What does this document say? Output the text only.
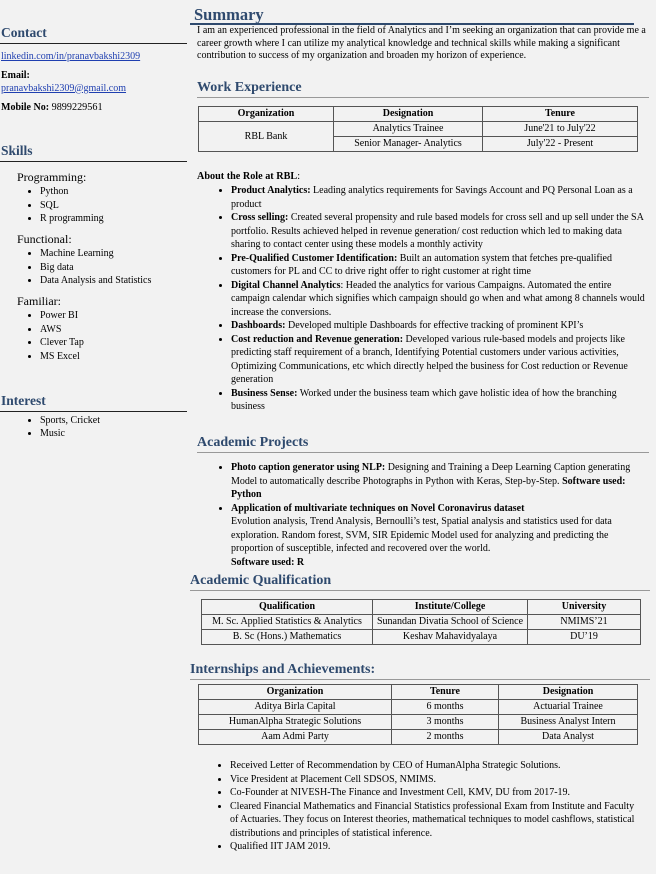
Contact
linkedin.com/in/pranavbakshi2309
Email:
pranavbakshi2309@gmail.com
Mobile No: 9899229561
Skills
Programming:
• Python
• SQL
• R programming
Functional:
• Machine Learning
• Big data
• Data Analysis and Statistics
Familiar:
• Power BI
• AWS
• Clever Tap
• MS Excel
Interest
• Sports, Cricket
• Music
Summary

I am an experienced professional in the field of Analytics and I’m seeking an organization that can provide me a career growth where I can utilize my analytical knowledge and technical skills while making a significant contribution to success of my organization and broaden my horizon of experience.

Work Experience
Organization	Designation	Tenure
RBL Bank	Analytics Trainee	June'21 to July'22
	Senior Manager- Analytics	July'22 - Present
About the Role at RBL:
• Product Analytics: Leading analytics requirements for Savings Account and PQ Personal Loan as a product
• Cross selling: Created several propensity and rule based models for cross sell and up sell under the SA portfolio. Results achieved helped in revenue generation/ cost reduction which led to making data sharing to contact center using these models a monthly activity
• Pre-Qualified Customer Identification: Built an automation system that fetches pre-qualified customers for PL and CC to drive right offer to right customer at right time
• Digital Channel Analytics: Headed the analytics for various Campaigns. Automated the entire campaign calendar which signifies which campaign should go when and what among 8 channels would increase the conversions.
• Dashboards: Developed multiple Dashboards for effective tracking of prominent KPI’s
• Cost reduction and Revenue generation: Developed various rule-based models and projects like predicting staff requirement of a branch, Identifying Potential customers under various activities, Optimizing Communications, etc which directly helped the business for Cost reduction or Revenue generation
• Business Sense: Worked under the business team which gave holistic idea of how the branching business
Academic Projects
• Photo caption generator using NLP: Designing and Training a Deep Learning Caption generating Model to automatically describe Photographs in Python with Keras, Step-by-Step. Software used: Python
• Application of multivariate techniques on Novel Coronavirus dataset
Evolution analysis, Trend Analysis, Bernoulli’s test, Spatial analysis and statistics used for data exploration. Random forest, SVM, SIR Epidemic Model used for analyzing and predicting the proportion of susceptible, infected and recovered over the world.
Software used: R
Academic Qualification
Qualification	Institute/College	University
M. Sc. Applied Statistics & Analytics	Sunandan Divatia School of Science	NMIMS’21
B. Sc (Hons.) Mathematics	Keshav Mahavidyalaya	DU’19
Internships and Achievements:
Organization	Tenure	Designation
Aditya Birla Capital	6 months	Actuarial Trainee
HumanAlpha Strategic Solutions	3 months	Business Analyst Intern
Aam Admi Party	2 months	Data Analyst
• Received Letter of Recommendation by CEO of HumanAlpha Strategic Solutions.
• Vice President at Placement Cell SDSOS, NMIMS.
• Co-Founder at NIVESH-The Finance and Investment Cell, KMV, DU from 2017-19.
• Cleared Financial Mathematics and Financial Statistics professional Exam from Institute and Faculty of Actuaries. They focus on Interest theories, mathematical techniques to model cashflows, statistical distributions and principles of statistical inference.
• Qualified IIT JAM 2019.
